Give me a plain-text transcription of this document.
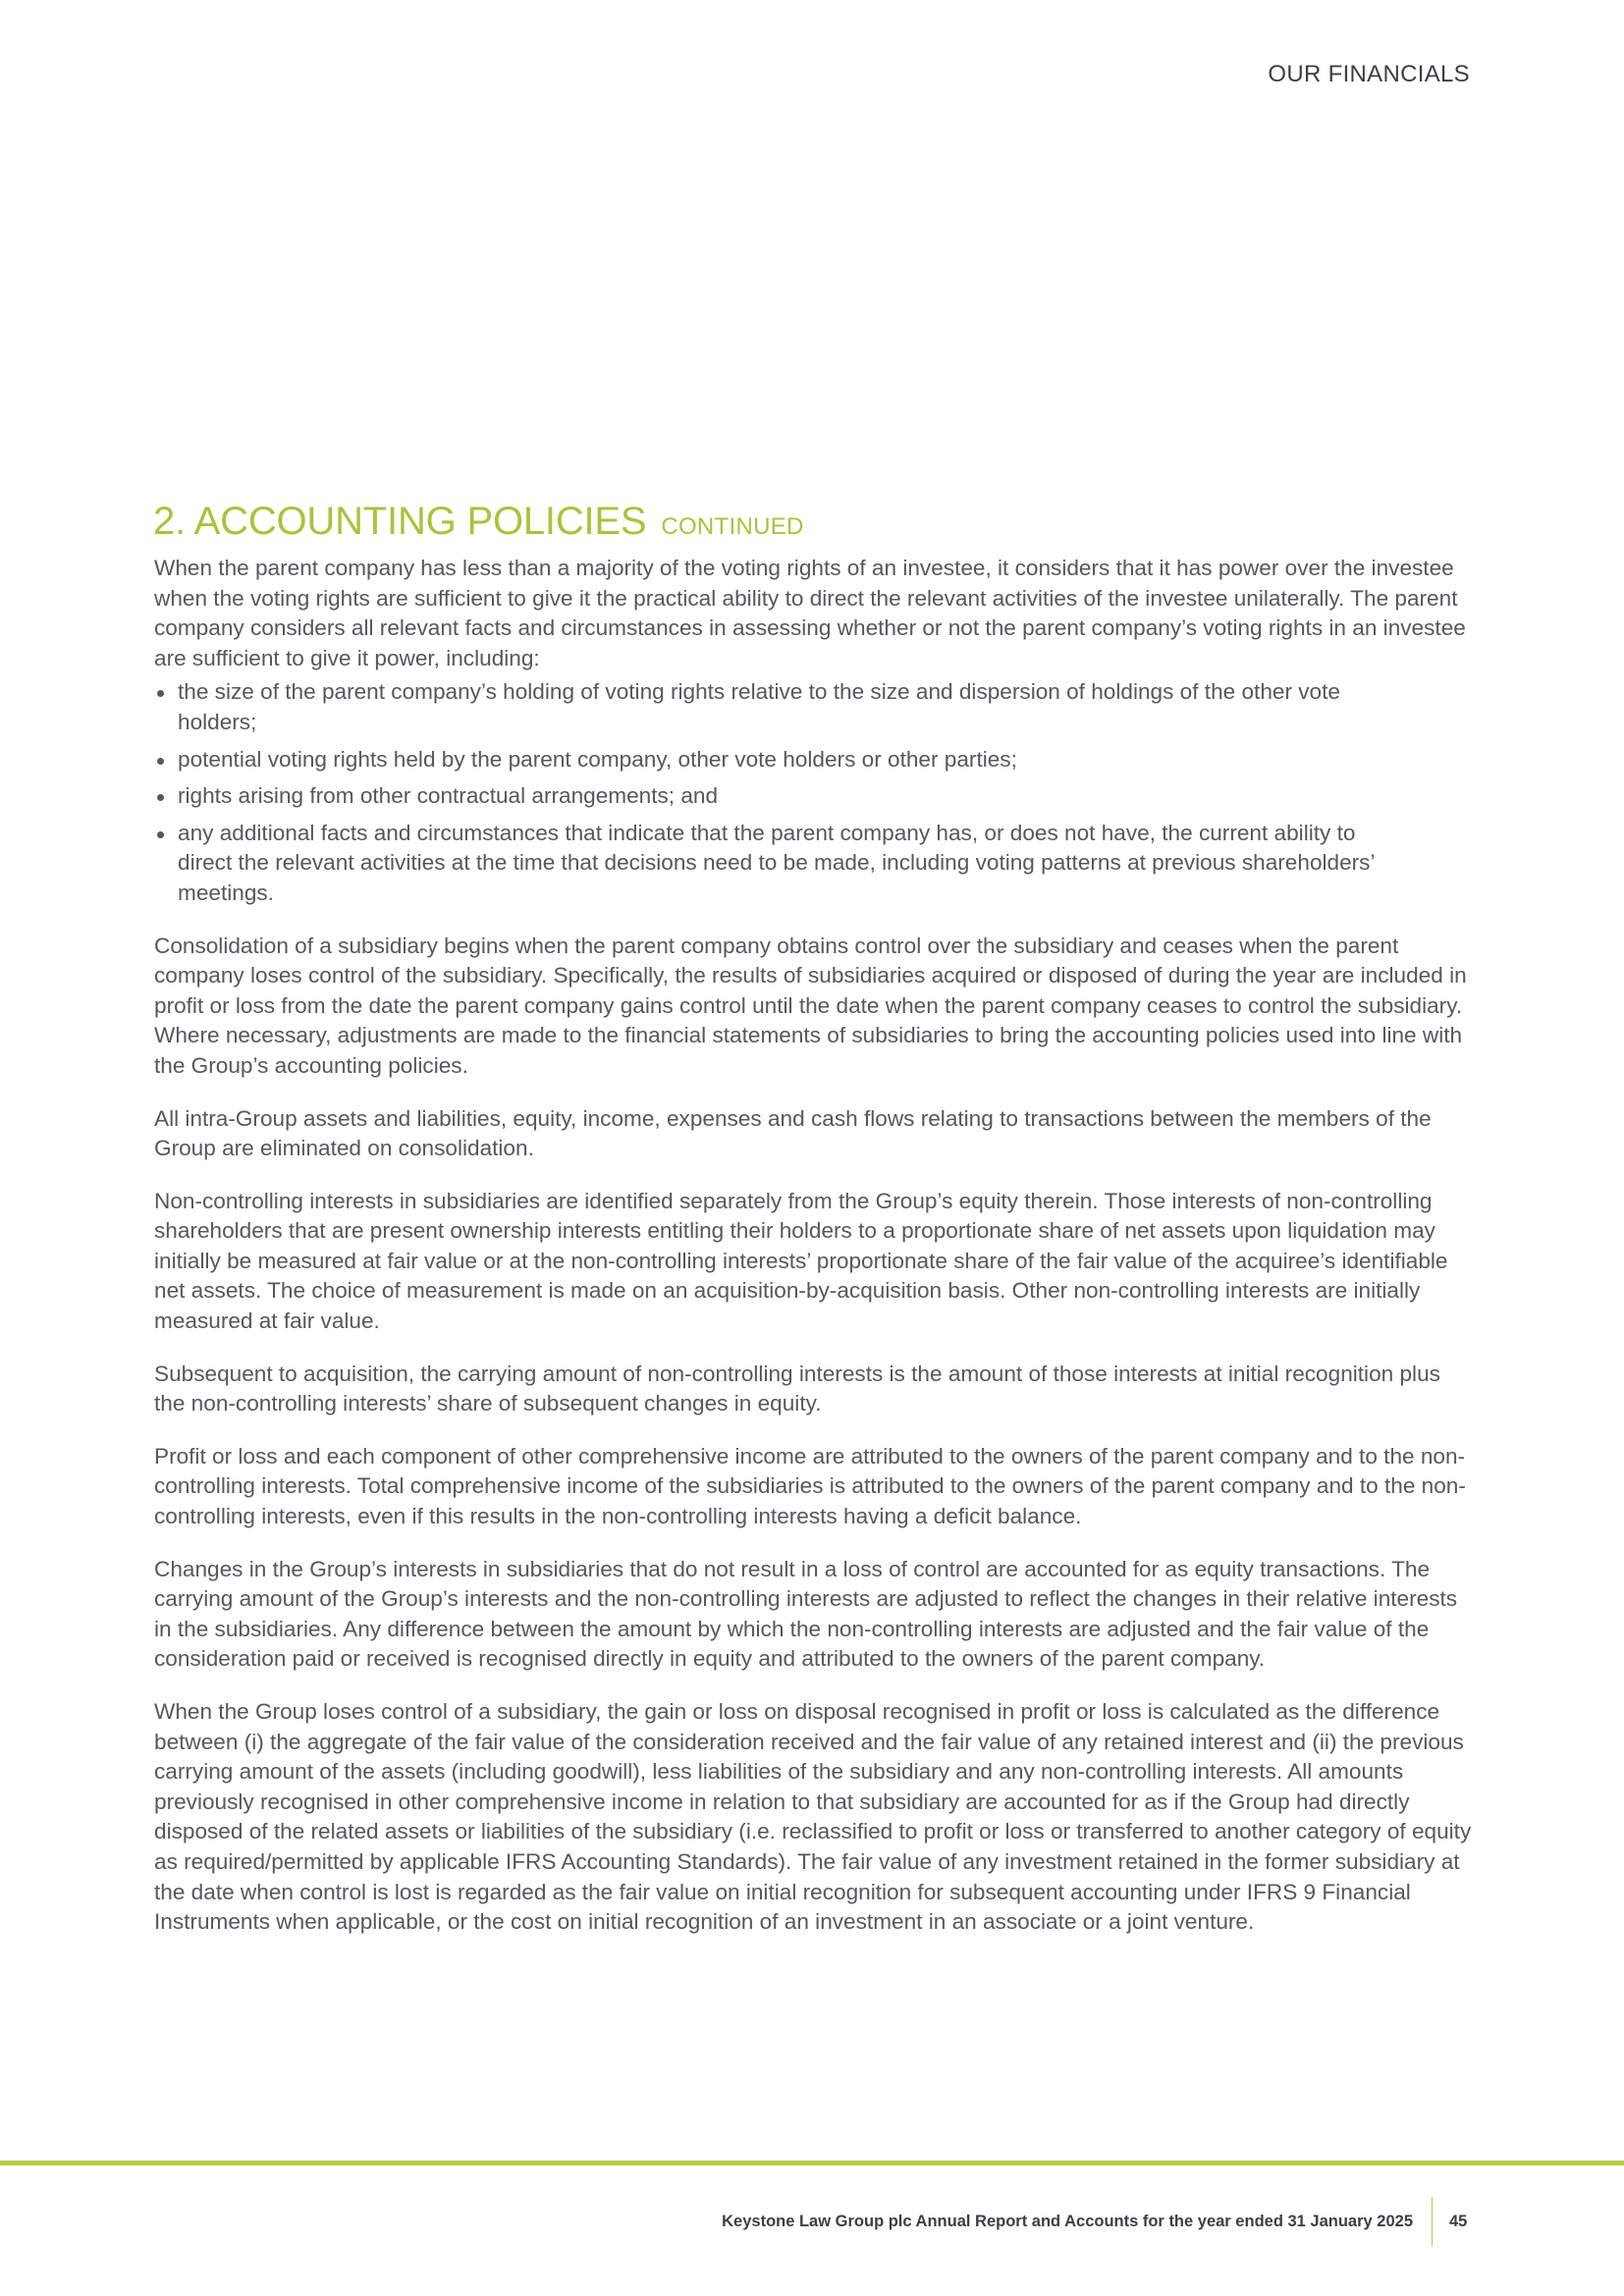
OUR FINANCIALS
2. ACCOUNTING POLICIES CONTINUED

When the parent company has less than a majority of the voting rights of an investee, it considers that it has power over the investee when the voting rights are sufficient to give it the practical ability to direct the relevant activities of the investee unilaterally. The parent company considers all relevant facts and circumstances in assessing whether or not the parent company’s voting rights in an investee are sufficient to give it power, including:

the size of the parent company’s holding of voting rights relative to the size and dispersion of holdings of the other vote holders;
potential voting rights held by the parent company, other vote holders or other parties;
rights arising from other contractual arrangements; and
any additional facts and circumstances that indicate that the parent company has, or does not have, the current ability to direct the relevant activities at the time that decisions need to be made, including voting patterns at previous shareholders’ meetings.

Consolidation of a subsidiary begins when the parent company obtains control over the subsidiary and ceases when the parent company loses control of the subsidiary. Specifically, the results of subsidiaries acquired or disposed of during the year are included in profit or loss from the date the parent company gains control until the date when the parent company ceases to control the subsidiary. Where necessary, adjustments are made to the financial statements of subsidiaries to bring the accounting policies used into line with the Group’s accounting policies.

All intra-Group assets and liabilities, equity, income, expenses and cash flows relating to transactions between the members of the Group are eliminated on consolidation.

Non-controlling interests in subsidiaries are identified separately from the Group’s equity therein. Those interests of non-controlling shareholders that are present ownership interests entitling their holders to a proportionate share of net assets upon liquidation may initially be measured at fair value or at the non-controlling interests’ proportionate share of the fair value of the acquiree’s identifiable net assets. The choice of measurement is made on an acquisition-by-acquisition basis. Other non-controlling interests are initially measured at fair value.

Subsequent to acquisition, the carrying amount of non-controlling interests is the amount of those interests at initial recognition plus the non-controlling interests’ share of subsequent changes in equity.

Profit or loss and each component of other comprehensive income are attributed to the owners of the parent company and to the non-controlling interests. Total comprehensive income of the subsidiaries is attributed to the owners of the parent company and to the non-controlling interests, even if this results in the non-controlling interests having a deficit balance.

Changes in the Group’s interests in subsidiaries that do not result in a loss of control are accounted for as equity transactions. The carrying amount of the Group’s interests and the non-controlling interests are adjusted to reflect the changes in their relative interests in the subsidiaries. Any difference between the amount by which the non-controlling interests are adjusted and the fair value of the consideration paid or received is recognised directly in equity and attributed to the owners of the parent company.

When the Group loses control of a subsidiary, the gain or loss on disposal recognised in profit or loss is calculated as the difference between (i) the aggregate of the fair value of the consideration received and the fair value of any retained interest and (ii) the previous carrying amount of the assets (including goodwill), less liabilities of the subsidiary and any non-controlling interests. All amounts previously recognised in other comprehensive income in relation to that subsidiary are accounted for as if the Group had directly disposed of the related assets or liabilities of the subsidiary (i.e. reclassified to profit or loss or transferred to another category of equity as required/permitted by applicable IFRS Accounting Standards). The fair value of any investment retained in the former subsidiary at the date when control is lost is regarded as the fair value on initial recognition for subsequent accounting under IFRS 9 Financial Instruments when applicable, or the cost on initial recognition of an investment in an associate or a joint venture.

Keystone Law Group plc Annual Report and Accounts for the year ended 31 January 2025 45
